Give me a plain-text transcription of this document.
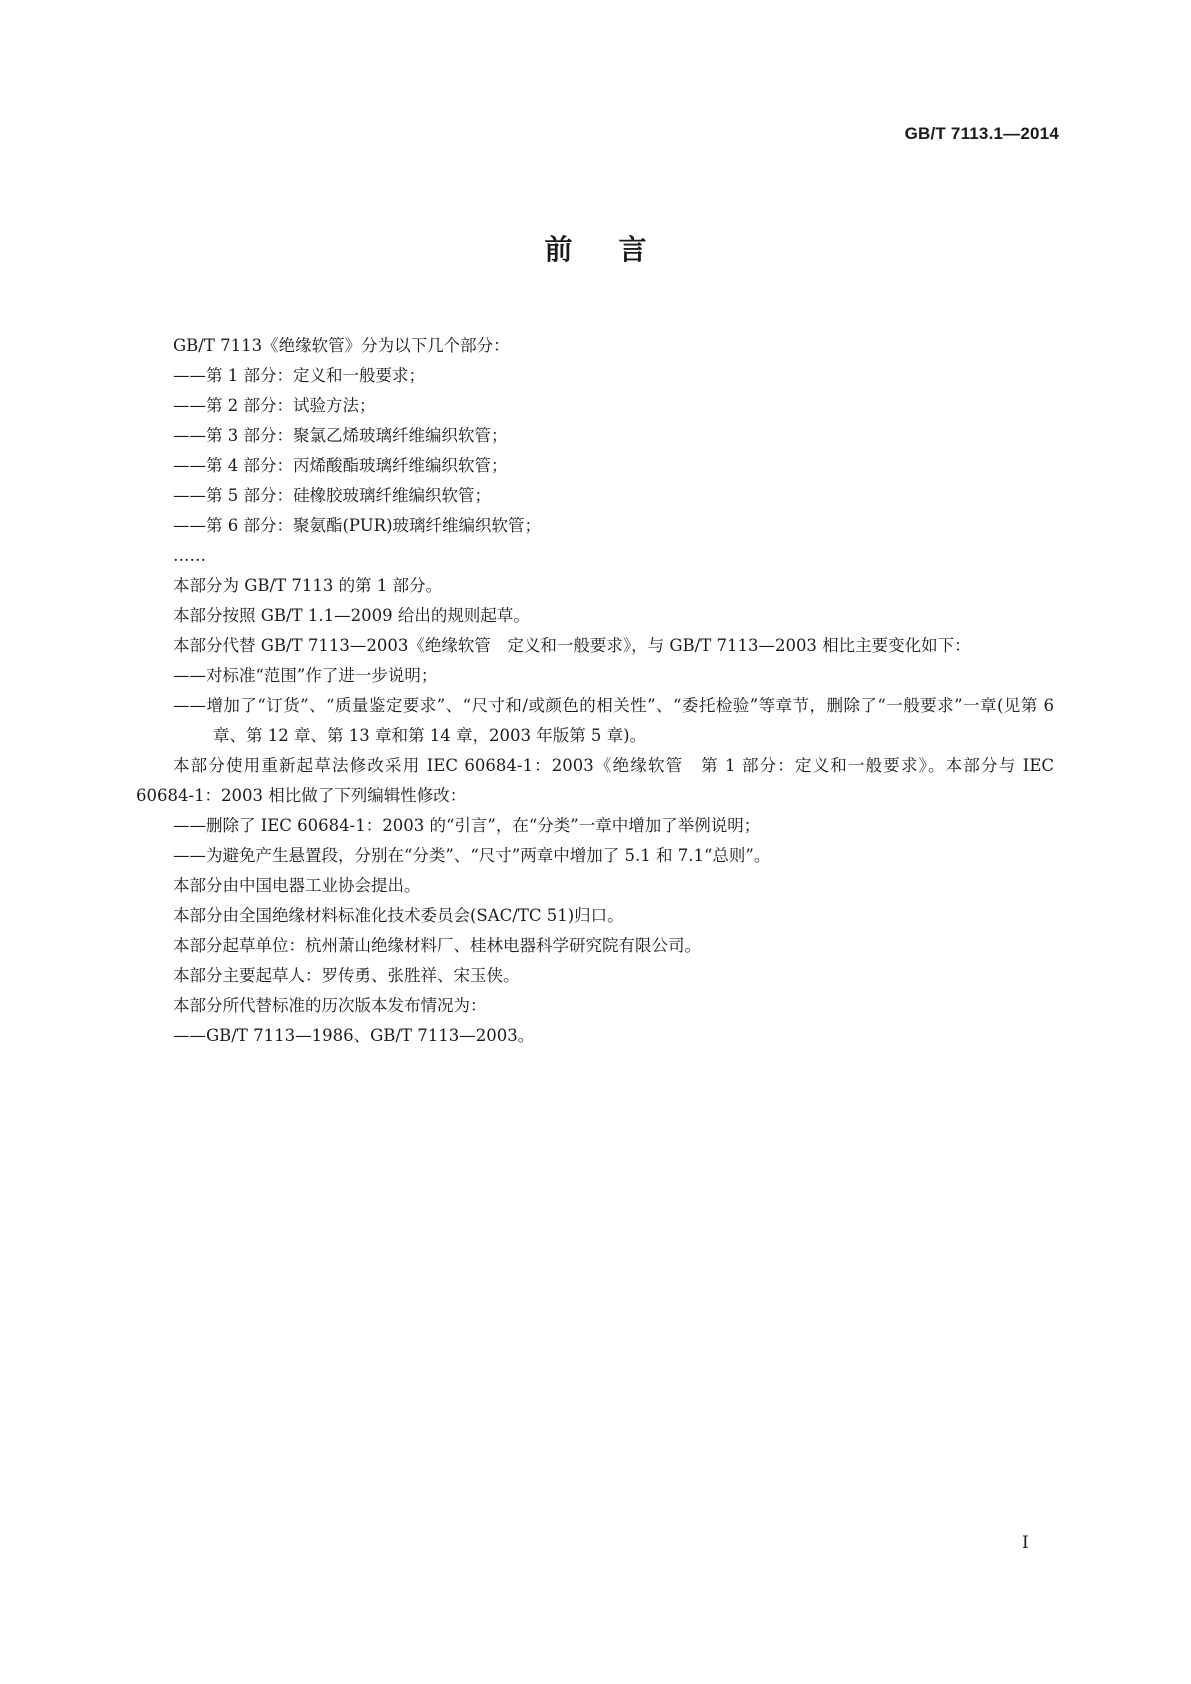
GB/T 7113.1—2014
前言

GB/T 7113《绝缘软管》分为以下几个部分：

——第 1 部分：定义和一般要求；

——第 2 部分：试验方法；

——第 3 部分：聚氯乙烯玻璃纤维编织软管；

——第 4 部分：丙烯酸酯玻璃纤维编织软管；

——第 5 部分：硅橡胶玻璃纤维编织软管；

——第 6 部分：聚氨酯(PUR)玻璃纤维编织软管；

……

本部分为 GB/T 7113 的第 1 部分。

本部分按照 GB/T 1.1—2009 给出的规则起草。

本部分代替 GB/T 7113—2003《绝缘软管　定义和一般要求》，与 GB/T 7113—2003 相比主要变化如下：

——对标准“范围”作了进一步说明；

——增加了“订货”、“质量鉴定要求”、“尺寸和/或颜色的相关性”、“委托检验”等章节，删除了“一般要求”一章(见第 6 章、第 12 章、第 13 章和第 14 章，2003 年版第 5 章)。

本部分使用重新起草法修改采用 IEC 60684-1：2003《绝缘软管　第 1 部分：定义和一般要求》。本部分与 IEC 60684-1：2003 相比做了下列编辑性修改：

——删除了 IEC 60684-1：2003 的“引言”，在“分类”一章中增加了举例说明；

——为避免产生悬置段，分别在“分类”、“尺寸”两章中增加了 5.1 和 7.1“总则”。

本部分由中国电器工业协会提出。

本部分由全国绝缘材料标准化技术委员会(SAC/TC 51)归口。

本部分起草单位：杭州萧山绝缘材料厂、桂林电器科学研究院有限公司。

本部分主要起草人：罗传勇、张胜祥、宋玉侠。

本部分所代替标准的历次版本发布情况为：

——GB/T 7113—1986、GB/T 7113—2003。

I
